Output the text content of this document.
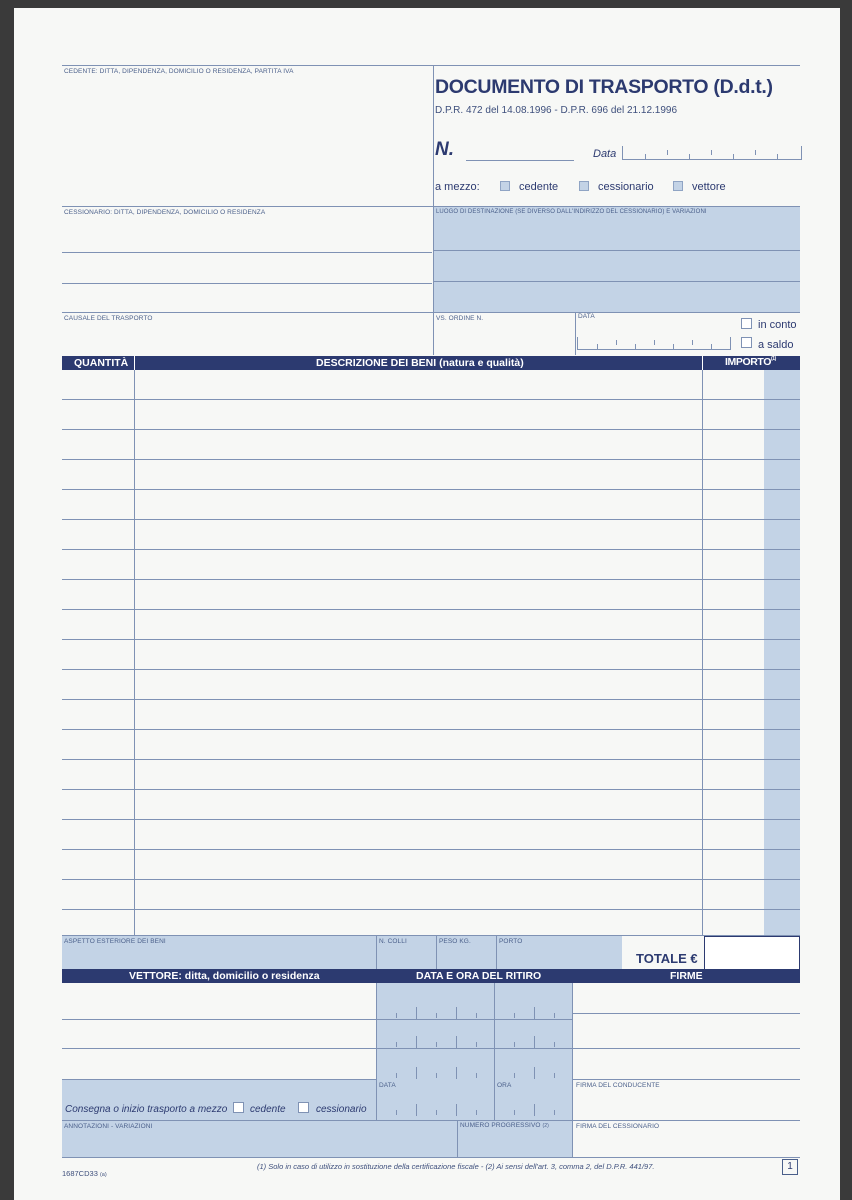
CEDENTE: DITTA, DIPENDENZA, DOMICILIO O RESIDENZA, PARTITA IVA
DOCUMENTO DI TRASPORTO (D.d.t.)
D.P.R. 472 del 14.08.1996 - D.P.R. 696 del 21.12.1996
N.	Data
a mezzo:	cedente	cessionario	vettore
CESSIONARIO: DITTA, DIPENDENZA, DOMICILIO O RESIDENZA	LUOGO DI DESTINAZIONE (SE DIVERSO DALL'INDIRIZZO DEL CESSIONARIO) E VARIAZIONI
CAUSALE DEL TRASPORTO	VS. ORDINE N.	DATA
in conto
a saldo
QUANTITÀ	DESCRIZIONE DEI BENI (natura e qualità)	IMPORTO$^{(1)}$
ASPETTO ESTERIORE DEI BENI	N. COLLI	PESO KG.	PORTO
TOTALE €
VETTORE: ditta, domicilio o residenza	DATA E ORA DEL RITIRO	FIRME
DATA	ORA	FIRMA DEL CONDUCENTE
Consegna o inizio trasporto a mezzo cedente	cessionario
ANNOTAZIONI - VARIAZIONI	NUMERO PROGRESSIVO (2)	FIRMA DEL CESSIONARIO
1687CD33 (a)
(1) Solo in caso di utilizzo in sostituzione della certificazione fiscale - (2) Ai sensi dell'art. 3, comma 2, del D.P.R. 441/97.	1
